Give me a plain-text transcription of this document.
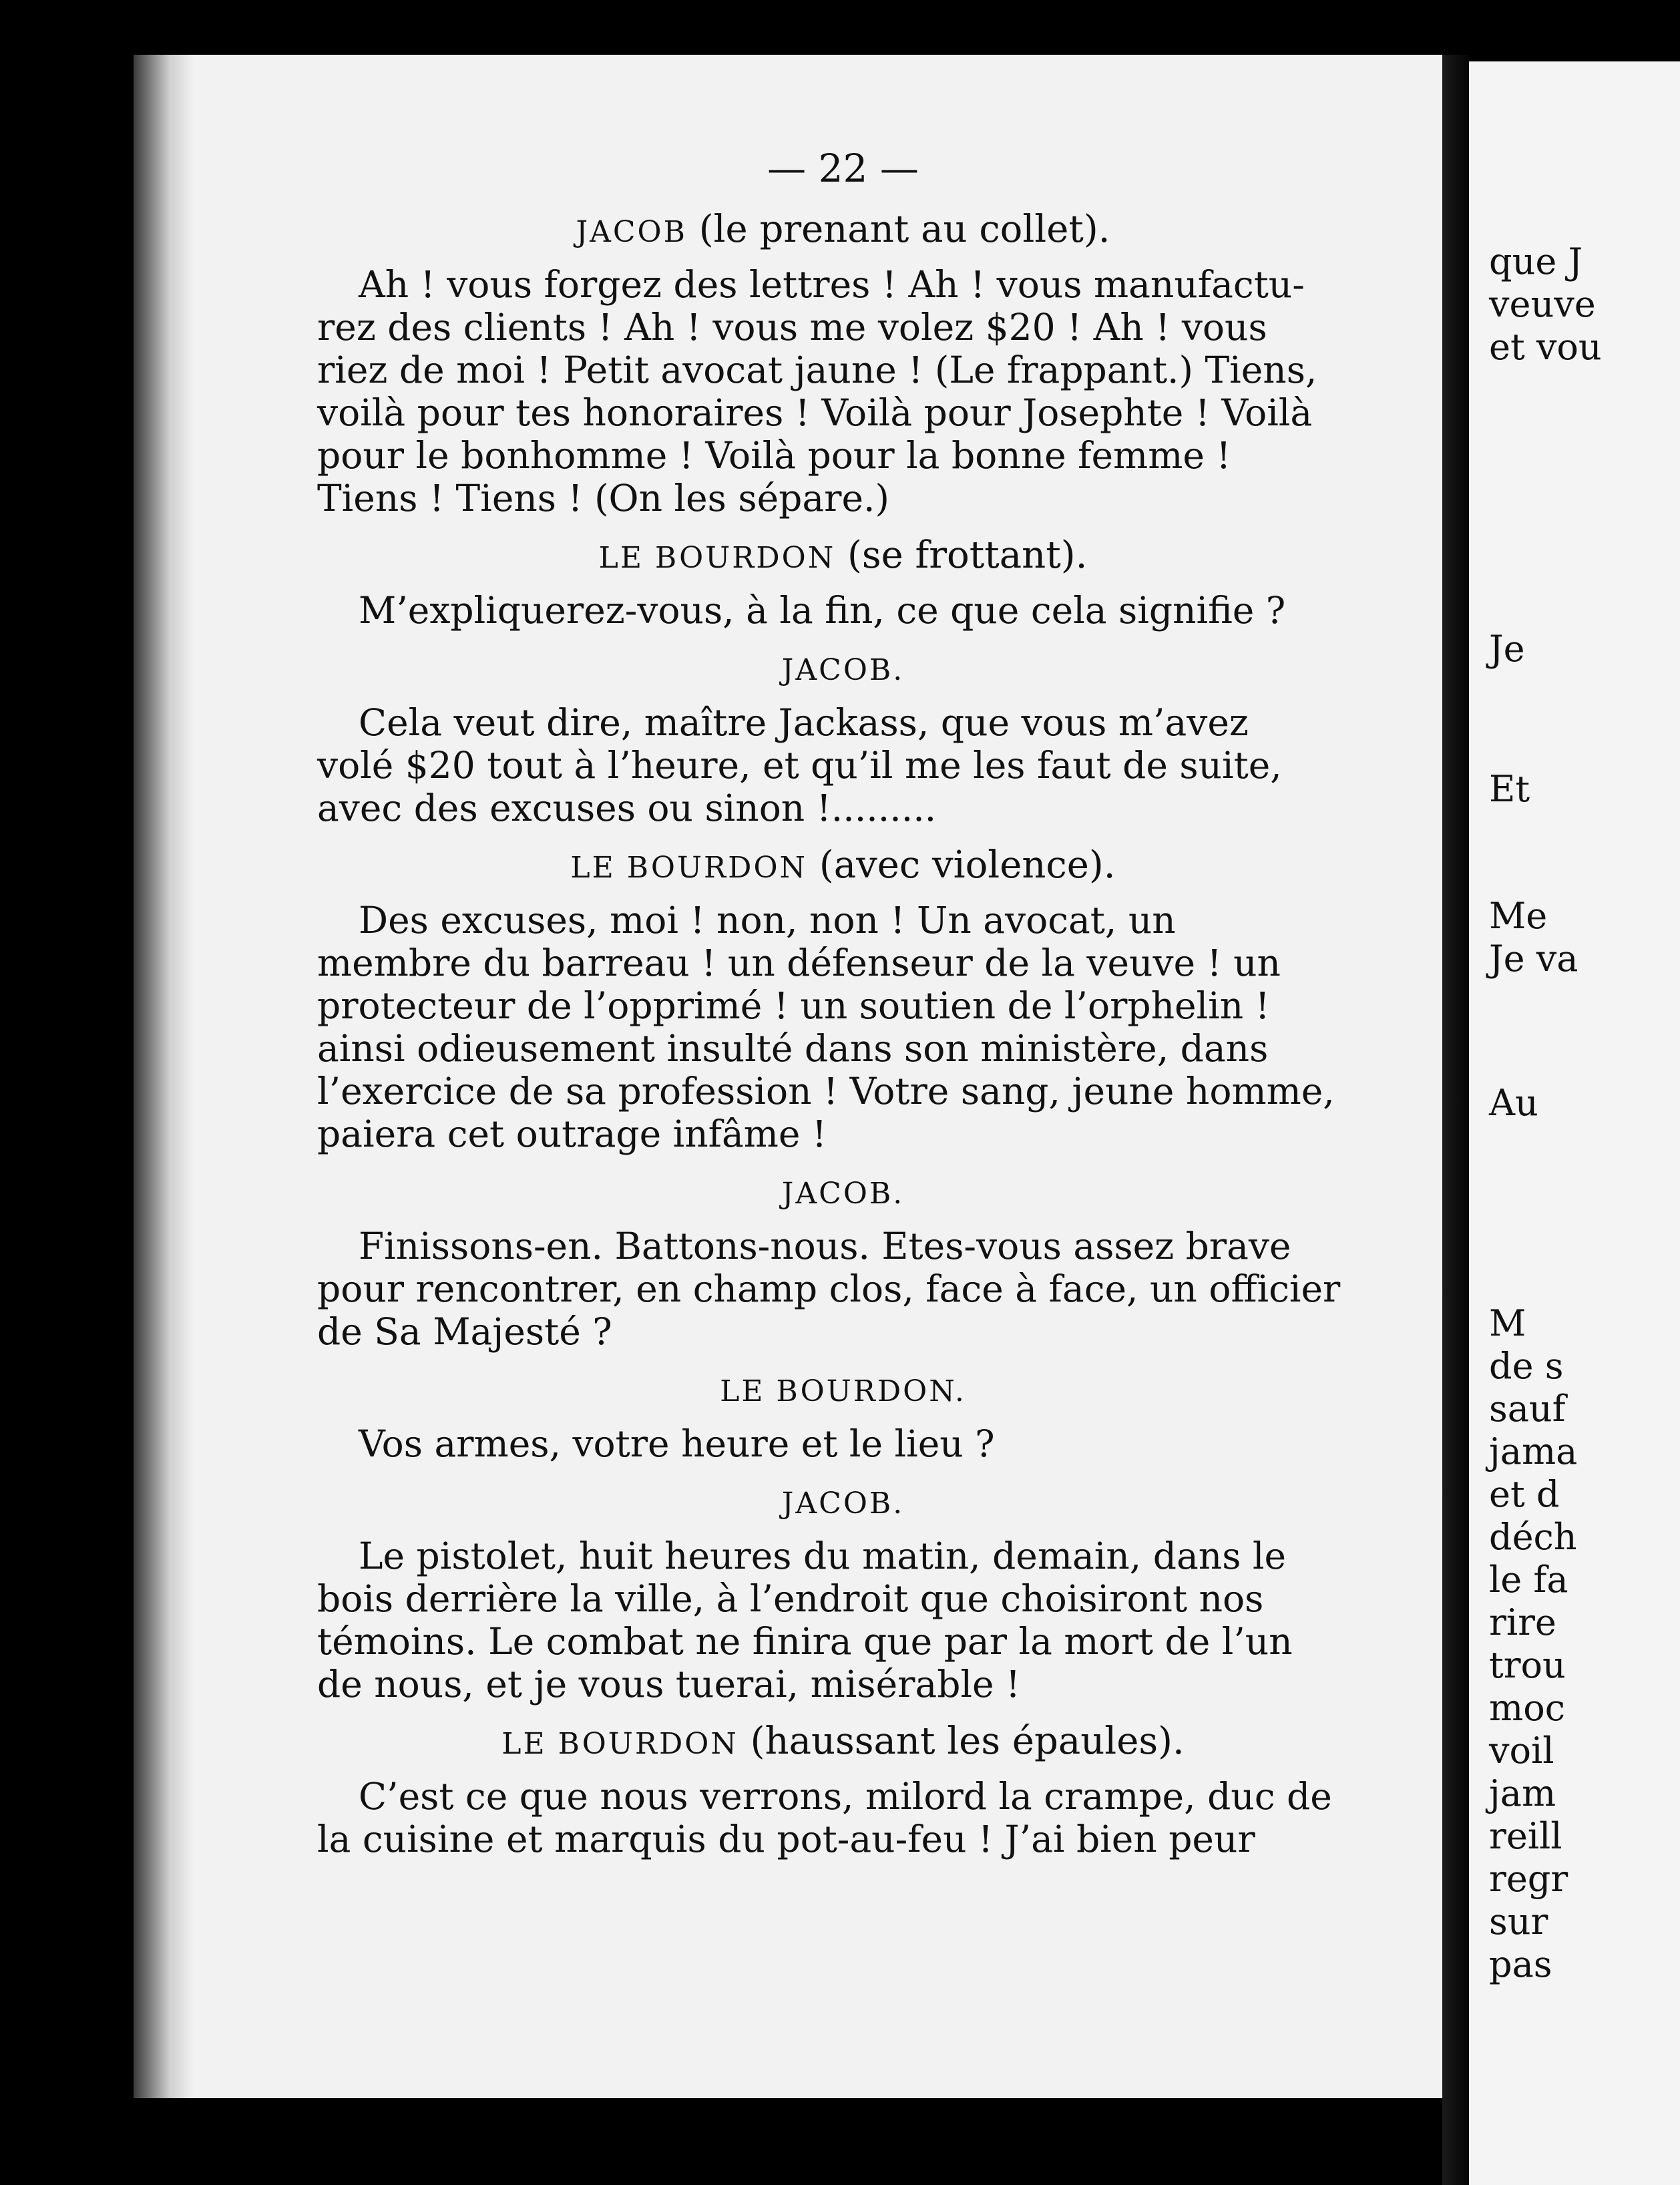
— 22 —
JACOB (le prenant au collet).

Ah ! vous forgez des lettres ! Ah ! vous manufactu-

rez des clients ! Ah ! vous me volez $20 ! Ah ! vous

riez de moi ! Petit avocat jaune ! (Le frappant.) Tiens,

voilà pour tes honoraires ! Voilà pour Josephte ! Voilà

pour le bonhomme ! Voilà pour la bonne femme !

Tiens ! Tiens ! (On les sépare.)

LE BOURDON (se frottant).

M’expliquerez-vous, à la fin, ce que cela signifie ?

JACOB.

Cela veut dire, maître Jackass, que vous m’avez

volé $20 tout à l’heure, et qu’il me les faut de suite,

avec des excuses ou sinon !.........

LE BOURDON (avec violence).

Des excuses, moi ! non, non ! Un avocat, un

membre du barreau ! un défenseur de la veuve ! un

protecteur de l’opprimé ! un soutien de l’orphelin !

ainsi odieusement insulté dans son ministère, dans

l’exercice de sa profession ! Votre sang, jeune homme,

paiera cet outrage infâme !

JACOB.

Finissons-en. Battons-nous. Etes-vous assez brave

pour rencontrer, en champ clos, face à face, un officier

de Sa Majesté ?

LE BOURDON.

Vos armes, votre heure et le lieu ?

JACOB.

Le pistolet, huit heures du matin, demain, dans le

bois derrière la ville, à l’endroit que choisiront nos

témoins. Le combat ne finira que par la mort de l’un

de nous, et je vous tuerai, misérable !

LE BOURDON (haussant les épaules).

C’est ce que nous verrons, milord la crampe, duc de

la cuisine et marquis du pot-au-feu ! J’ai bien peur

que J
veuve
et vou
Je
Et
Me
Je va
Au
M
de s
sauf
jama
et d
déch
le fa
rire
trou
moc
voil
jam
reill
regr
sur
pas
